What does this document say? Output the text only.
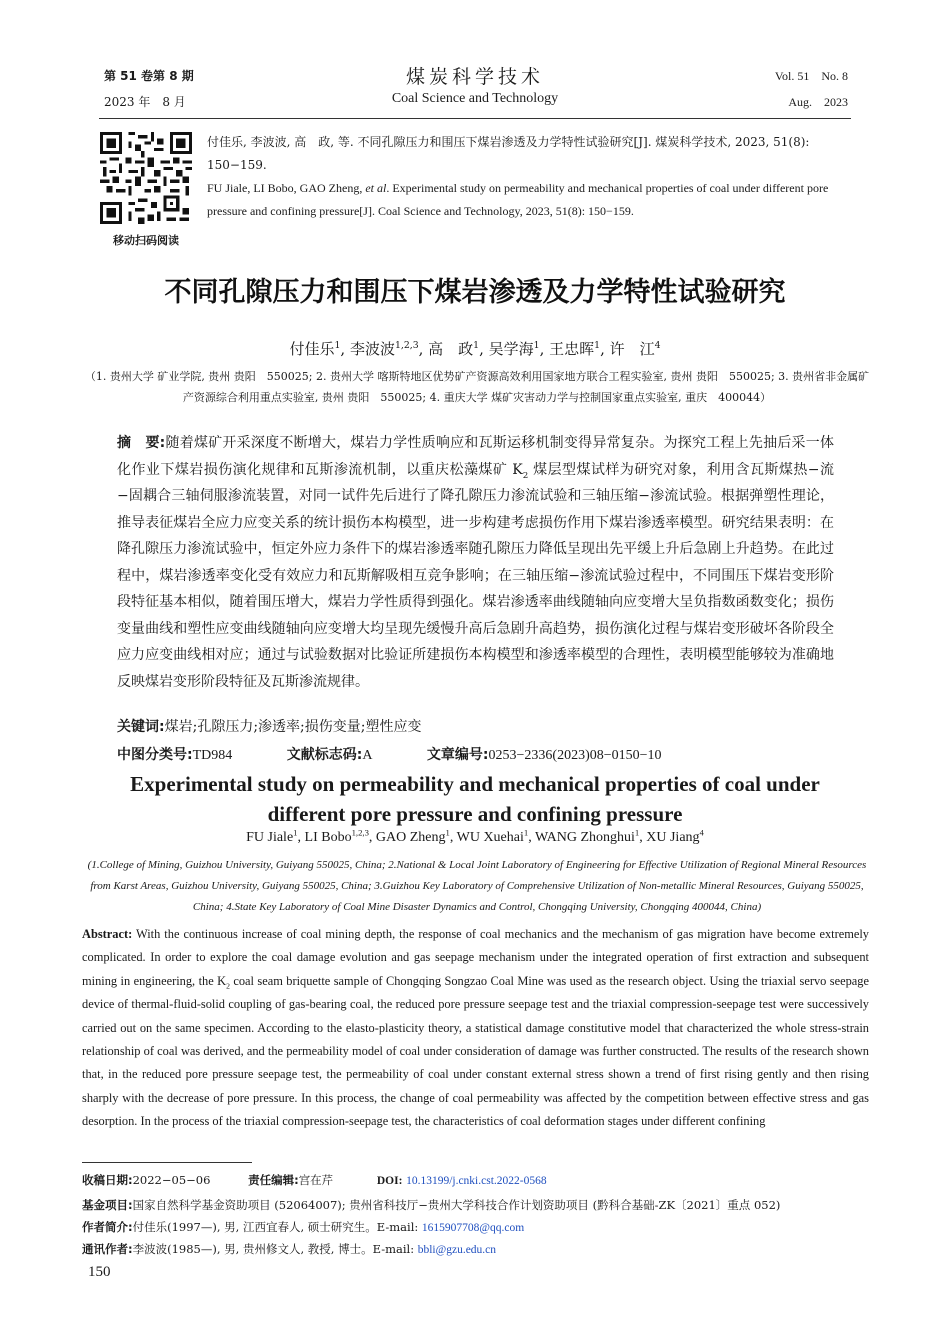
第 51 卷第 8 期
2023 年　8 月
煤炭科学技术
Coal Science and Technology
Vol. 51　No. 8
Aug.　2023
移动扫码阅读
付佳乐, 李波波, 高　政, 等. 不同孔隙压力和围压下煤岩渗透及力学特性试验研究[J]. 煤炭科学技术, 2023, 51(8): 150−159.
FU Jiale, LI Bobo, GAO Zheng, et al. Experimental study on permeability and mechanical properties of coal under different pore pressure and confining pressure[J]. Coal Science and Technology, 2023, 51(8): 150−159.
不同孔隙压力和围压下煤岩渗透及力学特性试验研究
付佳乐$^1$, 李波波$^{1,2,3}$, 高　政$^1$, 吴学海$^1$, 王忠晖$^1$, 许　江$^4$
（1. 贵州大学 矿业学院, 贵州 贵阳　550025; 2. 贵州大学 喀斯特地区优势矿产资源高效利用国家地方联合工程实验室, 贵州 贵阳　550025; 3. 贵州省非金属矿产资源综合利用重点实验室, 贵州 贵阳　550025; 4. 重庆大学 煤矿灾害动力学与控制国家重点实验室, 重庆　400044）
摘　要:随着煤矿开采深度不断增大，煤岩力学性质响应和瓦斯运移机制变得异常复杂。为探究工程上先抽后采一体化作业下煤岩损伤演化规律和瓦斯渗流机制，以重庆松藻煤矿 $K_2$ 煤层型煤试样为研究对象，利用含瓦斯煤热−流−固耦合三轴伺服渗流装置，对同一试件先后进行了降孔隙压力渗流试验和三轴压缩−渗流试验。根据弹塑性理论，推导表征煤岩全应力应变关系的统计损伤本构模型，进一步构建考虑损伤作用下煤岩渗透率模型。研究结果表明：在降孔隙压力渗流试验中，恒定外应力条件下的煤岩渗透率随孔隙压力降低呈现出先平缓上升后急剧上升趋势。在此过程中，煤岩渗透率变化受有效应力和瓦斯解吸相互竞争影响；在三轴压缩−渗流试验过程中，不同围压下煤岩变形阶段特征基本相似，随着围压增大，煤岩力学性质得到强化。煤岩渗透率曲线随轴向应变增大呈负指数函数变化；损伤变量曲线和塑性应变曲线随轴向应变增大均呈现先缓慢升高后急剧升高趋势，损伤演化过程与煤岩变形破坏各阶段全应力应变曲线相对应；通过与试验数据对比验证所建损伤本构模型和渗透率模型的合理性，表明模型能够较为准确地反映煤岩变形阶段特征及瓦斯渗流规律。
关键词:煤岩;孔隙压力;渗透率;损伤变量;塑性应变
中图分类号:TD984	文献标志码:A	文章编号:0253−2336(2023)08−0150−10
Experimental study on permeability and mechanical properties of coal under
different pore pressure and confining pressure
FU Jiale$^1$, LI Bobo$^{1,2,3}$, GAO Zheng$^1$, WU Xuehai$^1$, WANG Zhonghui$^1$, XU Jiang$^4$
(1.College of Mining, Guizhou University, Guiyang 550025, China; 2.National & Local Joint Laboratory of Engineering for Effective Utilization of Regional Mineral Resources from Karst Areas, Guizhou University, Guiyang 550025, China; 3.Guizhou Key Laboratory of Comprehensive Utilization of Non-metallic Mineral Resources, Guiyang 550025, China; 4.State Key Laboratory of Coal Mine Disaster Dynamics and Control, Chongqing University, Chongqing 400044, China)
Abstract: With the continuous increase of coal mining depth, the response of coal mechanics and the mechanism of gas migration have become extremely complicated. In order to explore the coal damage evolution and gas seepage mechanism under the integrated operation of first extraction and subsequent mining in engineering, the $K_2$ coal seam briquette sample of Chongqing Songzao Coal Mine was used as the research object. Using the triaxial servo seepage device of thermal-fluid-solid coupling of gas-bearing coal, the reduced pore pressure seepage test and the triaxial compression-seepage test were successively carried out on the same specimen. According to the elasto-plasticity theory, a statistical damage constitutive model that characterized the whole stress-strain relationship of coal was derived, and the permeability model of coal under consideration of damage was further constructed. The results of the research shown that, in the reduced pore pressure seepage test, the permeability of coal under constant external stress shown a trend of first rising gently and then rising sharply with the decrease of pore pressure. In this process, the change of coal permeability was affected by the competition between effective stress and gas desorption. In the process of the triaxial compression-seepage test, the characteristics of coal deformation stages under different confining
收稿日期:2022−05−06	责任编辑:宫在芹	DOI: 10.13199/j.cnki.cst.2022-0568
基金项目:国家自然科学基金资助项目 (52064007); 贵州省科技厅−贵州大学科技合作计划资助项目 (黔科合基础-ZK〔2021〕重点 052)
作者简介:付佳乐(1997—), 男, 江西宜春人, 硕士研究生。E-mail: 1615907708@qq.com
通讯作者:李波波(1985—), 男, 贵州修文人, 教授, 博士。E-mail: bbli@gzu.edu.cn
150
